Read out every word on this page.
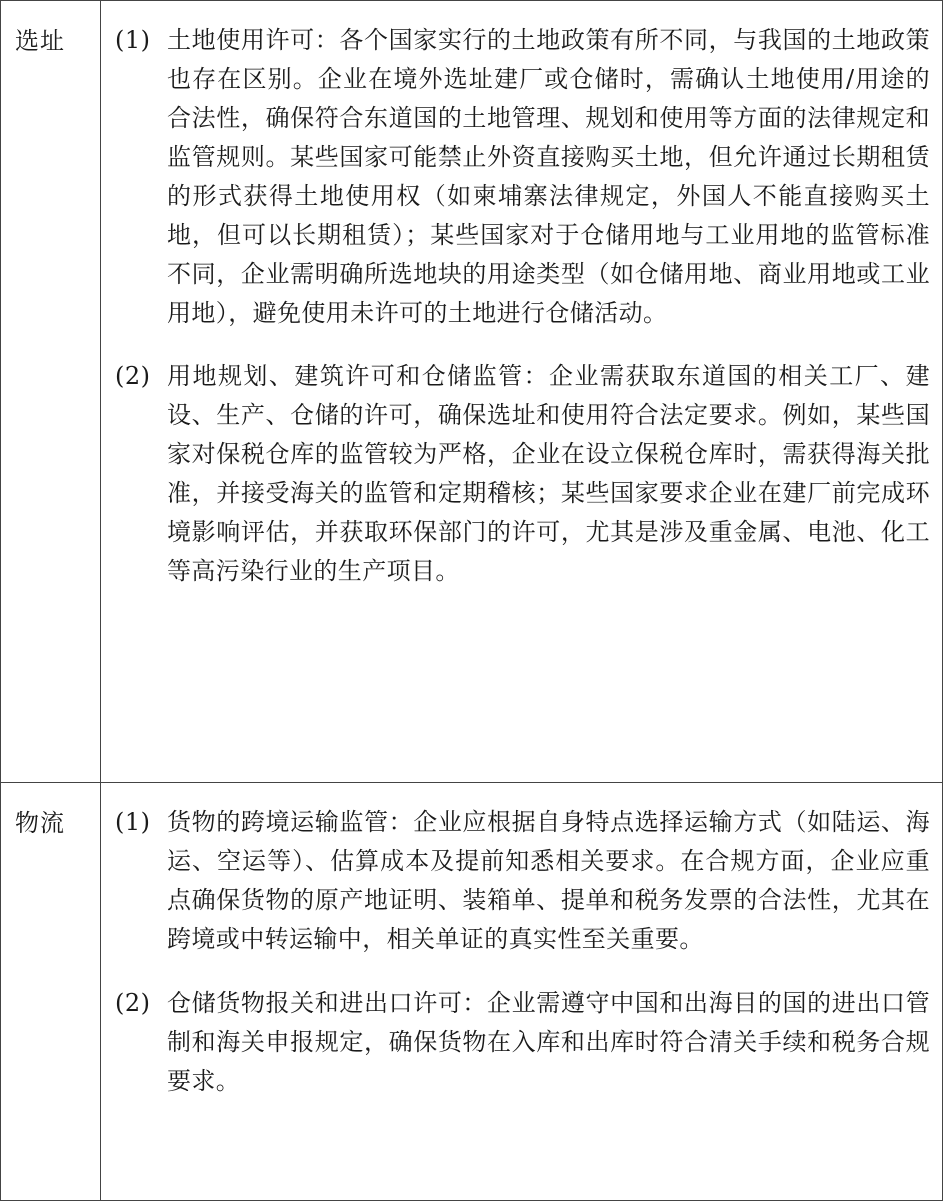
选址	(1) 土地使用许可：各个国家实行的土地政策有所不同，与我国的土地政策也存在区别。企业在境外选址建厂或仓储时，需确认土地使用/用途的合法性，确保符合东道国的土地管理、规划和使用等方面的法律规定和监管规则。某些国家可能禁止外资直接购买土地，但允许通过长期租赁的形式获得土地使用权（如柬埔寨法律规定，外国人不能直接购买土地，但可以长期租赁）；某些国家对于仓储用地与工业用地的监管标准不同，企业需明确所选地块的用途类型（如仓储用地、商业用地或工业用地），避免使用未许可的土地进行仓储活动。
(2) 用地规划、建筑许可和仓储监管：企业需获取东道国的相关工厂、建设、生产、仓储的许可，确保选址和使用符合法定要求。例如，某些国家对保税仓库的监管较为严格，企业在设立保税仓库时，需获得海关批准，并接受海关的监管和定期稽核；某些国家要求企业在建厂前完成环境影响评估，并获取环保部门的许可，尤其是涉及重金属、电池、化工等高污染行业的生产项目。

物流	(1) 货物的跨境运输监管：企业应根据自身特点选择运输方式（如陆运、海运、空运等）、估算成本及提前知悉相关要求。在合规方面，企业应重点确保货物的原产地证明、装箱单、提单和税务发票的合法性，尤其在跨境或中转运输中，相关单证的真实性至关重要。
(2) 仓储货物报关和进出口许可：企业需遵守中国和出海目的国的进出口管制和海关申报规定，确保货物在入库和出库时符合清关手续和税务合规要求。
